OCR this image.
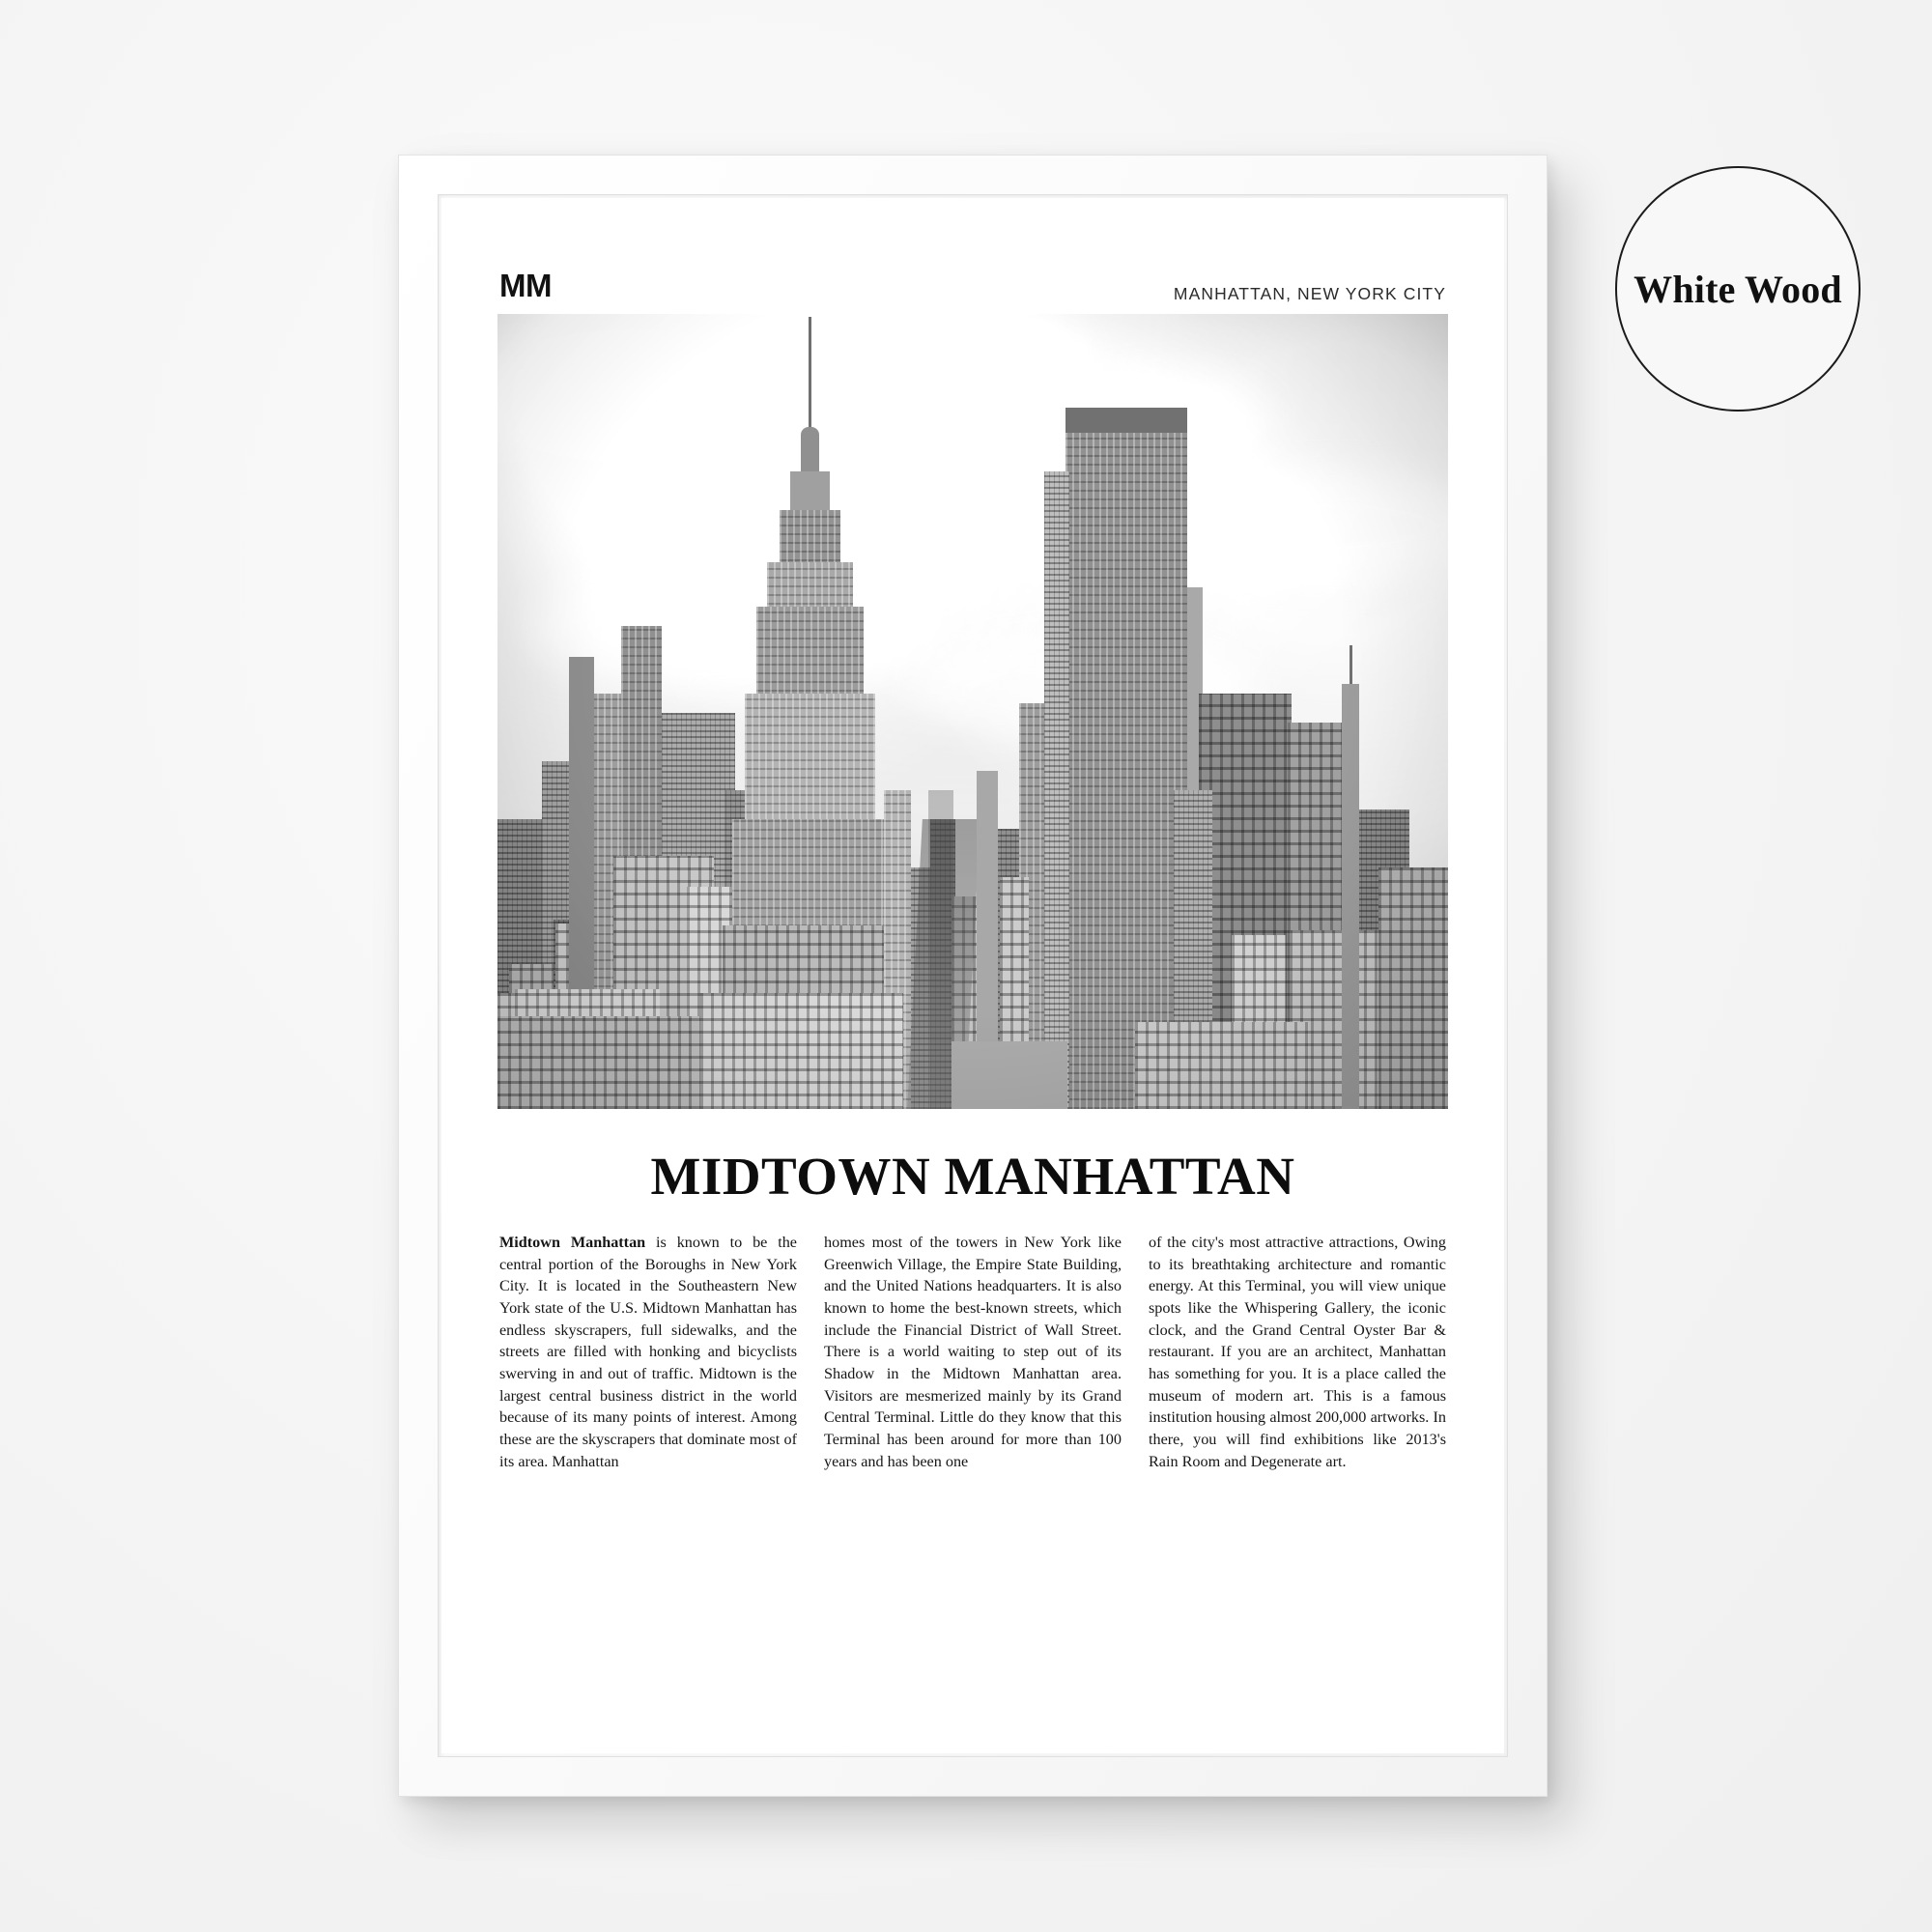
White Wood
MM	MANHATTAN, NEW YORK CITY
MIDTOWN MANHATTAN
Midtown Manhattan is known to be the central portion of the Boroughs in New York City. It is located in the Southeastern New York state of the U.S. Midtown Manhattan has endless skyscrapers, full sidewalks, and the streets are filled with honking and bicyclists swerving in and out of traffic. Midtown is the largest central business district in the world because of its many points of interest. Among these are the skyscrapers that dominate most of its area. Manhattan
homes most of the towers in New York like Greenwich Village, the Empire State Building, and the United Nations headquarters. It is also known to home the best-known streets, which include the Financial District of Wall Street. There is a world waiting to step out of its Shadow in the Midtown Manhattan area. Visitors are mesmerized mainly by its Grand Central Terminal. Little do they know that this Terminal has been around for more than 100 years and has been one
of the city's most attractive attractions, Owing to its breathtaking architecture and romantic energy. At this Terminal, you will view unique spots like the Whispering Gallery, the iconic clock, and the Grand Central Oyster Bar & restaurant. If you are an architect, Manhattan has something for you. It is a place called the museum of modern art. This is a famous institution housing almost 200,000 artworks. In there, you will find exhibitions like 2013's Rain Room and Degenerate art.
